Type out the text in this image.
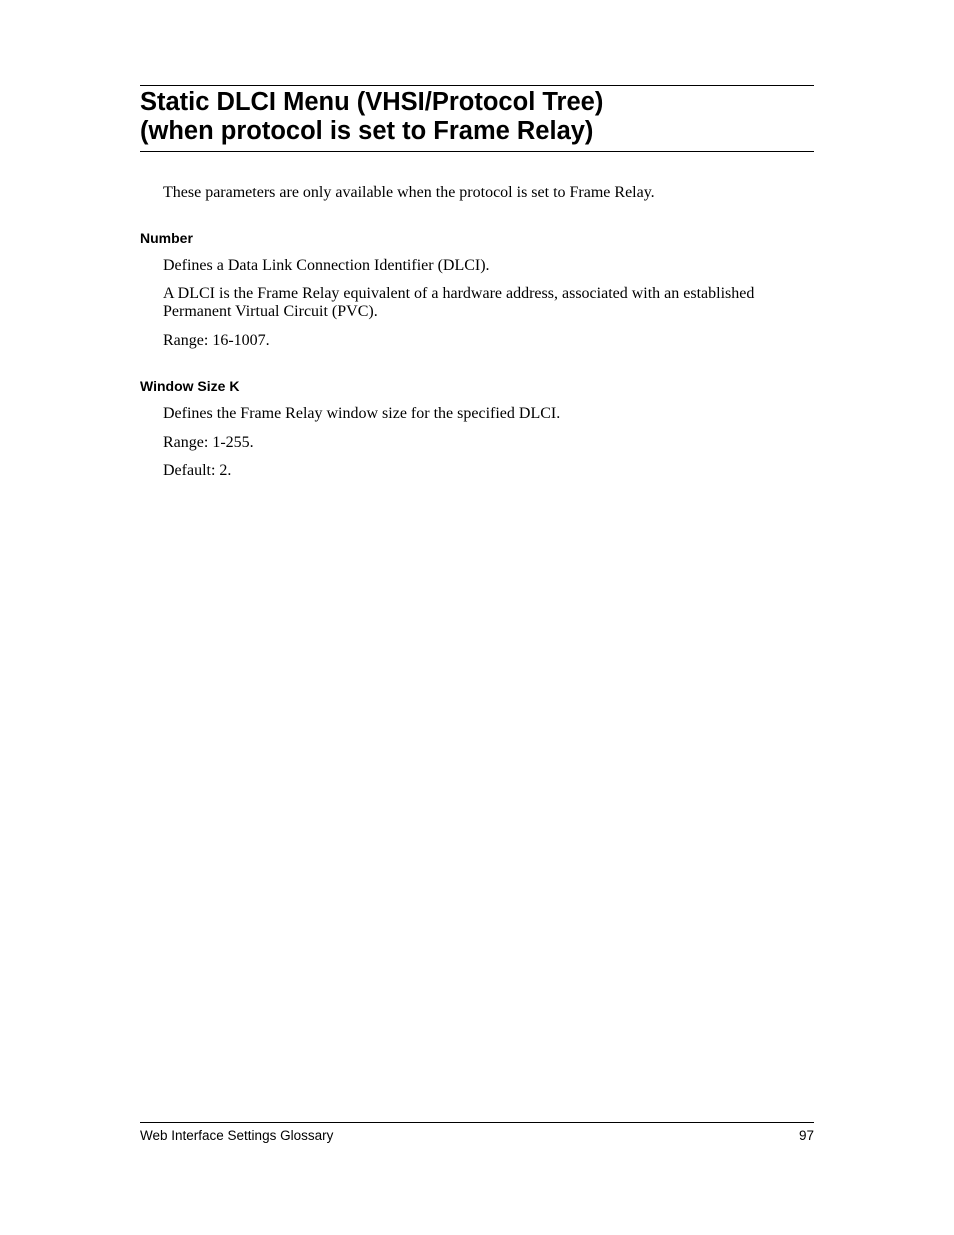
Static DLCI Menu (VHSI/Protocol Tree)
(when protocol is set to Frame Relay)

These parameters are only available when the protocol is set to Frame Relay.

Number

Defines a Data Link Connection Identifier (DLCI).

A DLCI is the Frame Relay equivalent of a hardware address, associated with an established Permanent Virtual Circuit (PVC).

Range: 16-1007.

Window Size K

Defines the Frame Relay window size for the specified DLCI.

Range: 1-255.

Default: 2.

Web Interface Settings Glossary	97
